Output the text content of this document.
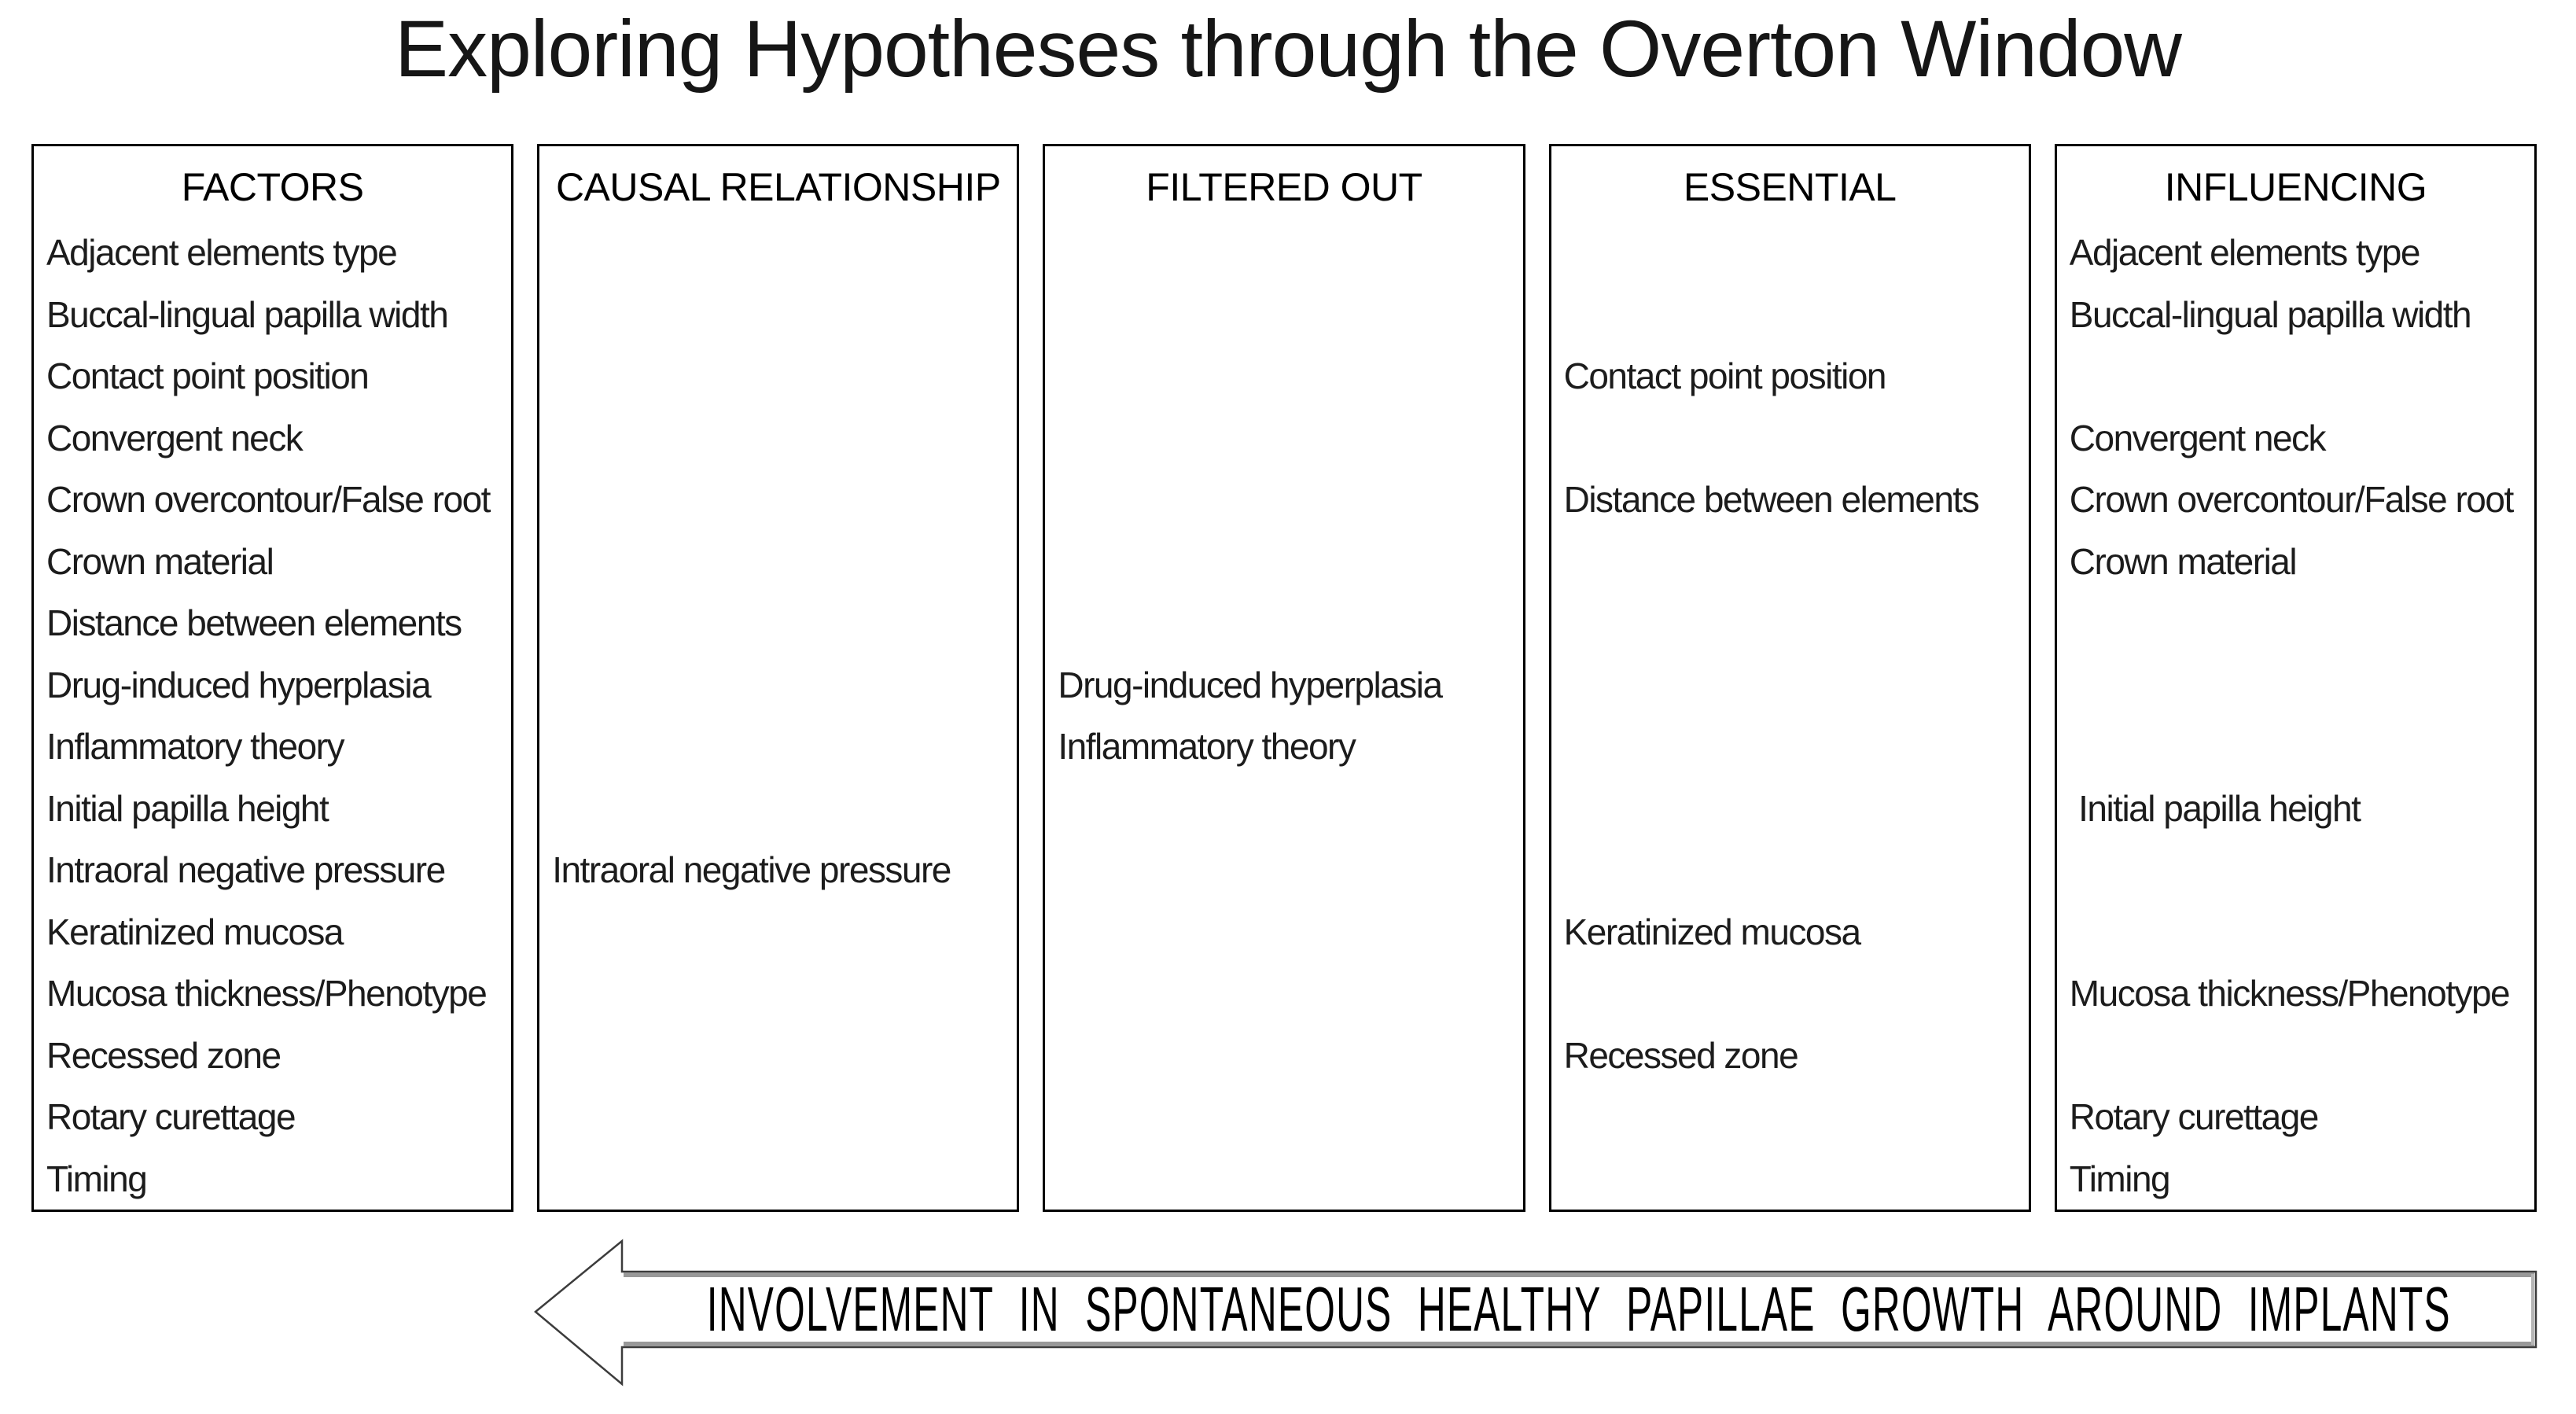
Exploring Hypotheses through the Overton Window
FACTORS
Adjacent elements type
Buccal-lingual papilla width
Contact point position
Convergent neck
Crown overcontour/False root
Crown material
Distance between elements
Drug-induced hyperplasia
Inflammatory theory
Initial papilla height
Intraoral negative pressure
Keratinized mucosa
Mucosa thickness/Phenotype
Recessed zone
Rotary curettage
Timing
CAUSAL RELATIONSHIP
Intraoral negative pressure
FILTERED OUT
Drug-induced hyperplasia
Inflammatory theory
ESSENTIAL
Contact point position
Distance between elements
Keratinized mucosa
Recessed zone
INFLUENCING
Adjacent elements type
Buccal-lingual papilla width
Convergent neck
Crown overcontour/False root
Crown material
Initial papilla height
Mucosa thickness/Phenotype
Rotary curettage
Timing
INVOLVEMENT IN SPONTANEOUS HEALTHY PAPILLAE GROWTH AROUND IMPLANTS
